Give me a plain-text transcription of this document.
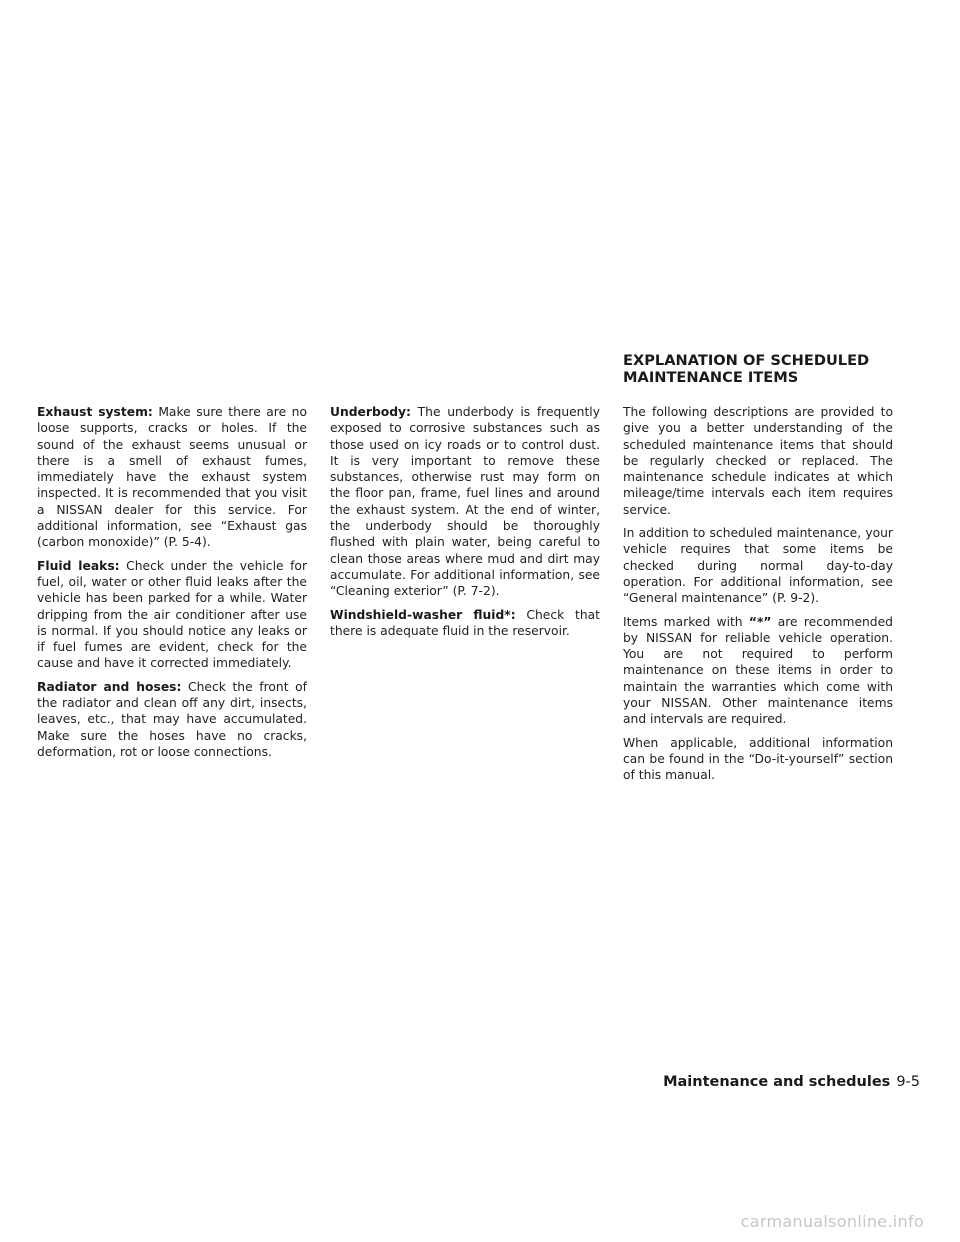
Exhaust system: Make sure there are no loose supports, cracks or holes. If the sound of the exhaust seems unusual or there is a smell of exhaust fumes, immediately have the exhaust system inspected. It is recommended that you visit a NISSAN dealer for this service. For additional information, see “Exhaust gas (carbon monoxide)” (P. 5-4).

Fluid leaks: Check under the vehicle for fuel, oil, water or other fluid leaks after the vehicle has been parked for a while. Water dripping from the air conditioner after use is normal. If you should notice any leaks or if fuel fumes are evident, check for the cause and have it corrected immediately.

Radiator and hoses: Check the front of the radiator and clean off any dirt, insects, leaves, etc., that may have accumulated. Make sure the hoses have no cracks, deformation, rot or loose connections.

Underbody: The underbody is frequently exposed to corrosive substances such as those used on icy roads or to control dust. It is very important to remove these substances, otherwise rust may form on the floor pan, frame, fuel lines and around the exhaust system. At the end of winter, the underbody should be thoroughly flushed with plain water, being careful to clean those areas where mud and dirt may accumulate. For additional information, see “Cleaning exterior” (P. 7-2).

Windshield-washer fluid*: Check that there is adequate fluid in the reservoir.

EXPLANATION OF SCHEDULED
MAINTENANCE ITEMS

The following descriptions are provided to give you a better understanding of the scheduled maintenance items that should be regularly checked or replaced. The maintenance schedule indicates at which mileage/time intervals each item requires service.

In addition to scheduled maintenance, your vehicle requires that some items be checked during normal day-to-day operation. For additional information, see “General maintenance” (P. 9-2).

Items marked with “*” are recommended by NISSAN for reliable vehicle operation. You are not required to perform maintenance on these items in order to maintain the warranties which come with your NISSAN. Other maintenance items and intervals are required.

When applicable, additional information can be found in the “Do-it-yourself” section of this manual.

Maintenance and schedules 9-5
carmanualsonline.info
